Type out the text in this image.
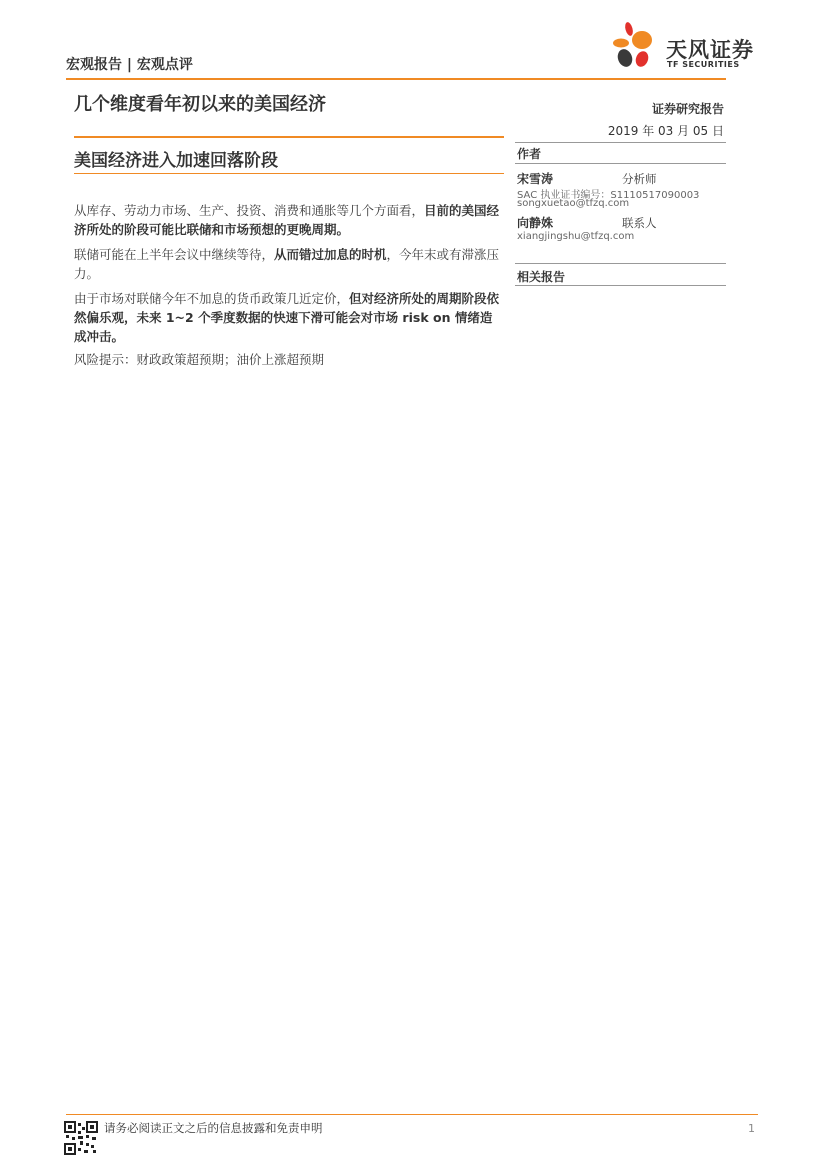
宏观报告 | 宏观点评
天风证券
TF SECURITIES
几个维度看年初以来的美国经济	证券研究报告
2019 年 03 月 05 日
美国经济进入加速回落阶段
从库存、劳动力市场、生产、投资、消费和通胀等几个方面看，目前的美国经济所处的阶段可能比联储和市场预想的更晚周期。
联储可能在上半年会议中继续等待，从而错过加息的时机，今年末或有滞涨压力。
由于市场对联储今年不加息的货币政策几近定价，但对经济所处的周期阶段依然偏乐观，未来 1~2 个季度数据的快速下滑可能会对市场 risk on 情绪造成冲击。
风险提示：财政政策超预期；油价上涨超预期
作者
宋雪涛	分析师
SAC 执业证书编号：S1110517090003
songxuetao@tfzq.com
向静姝	联系人
xiangjingshu@tfzq.com
相关报告
请务必阅读正文之后的信息披露和免责申明	1
